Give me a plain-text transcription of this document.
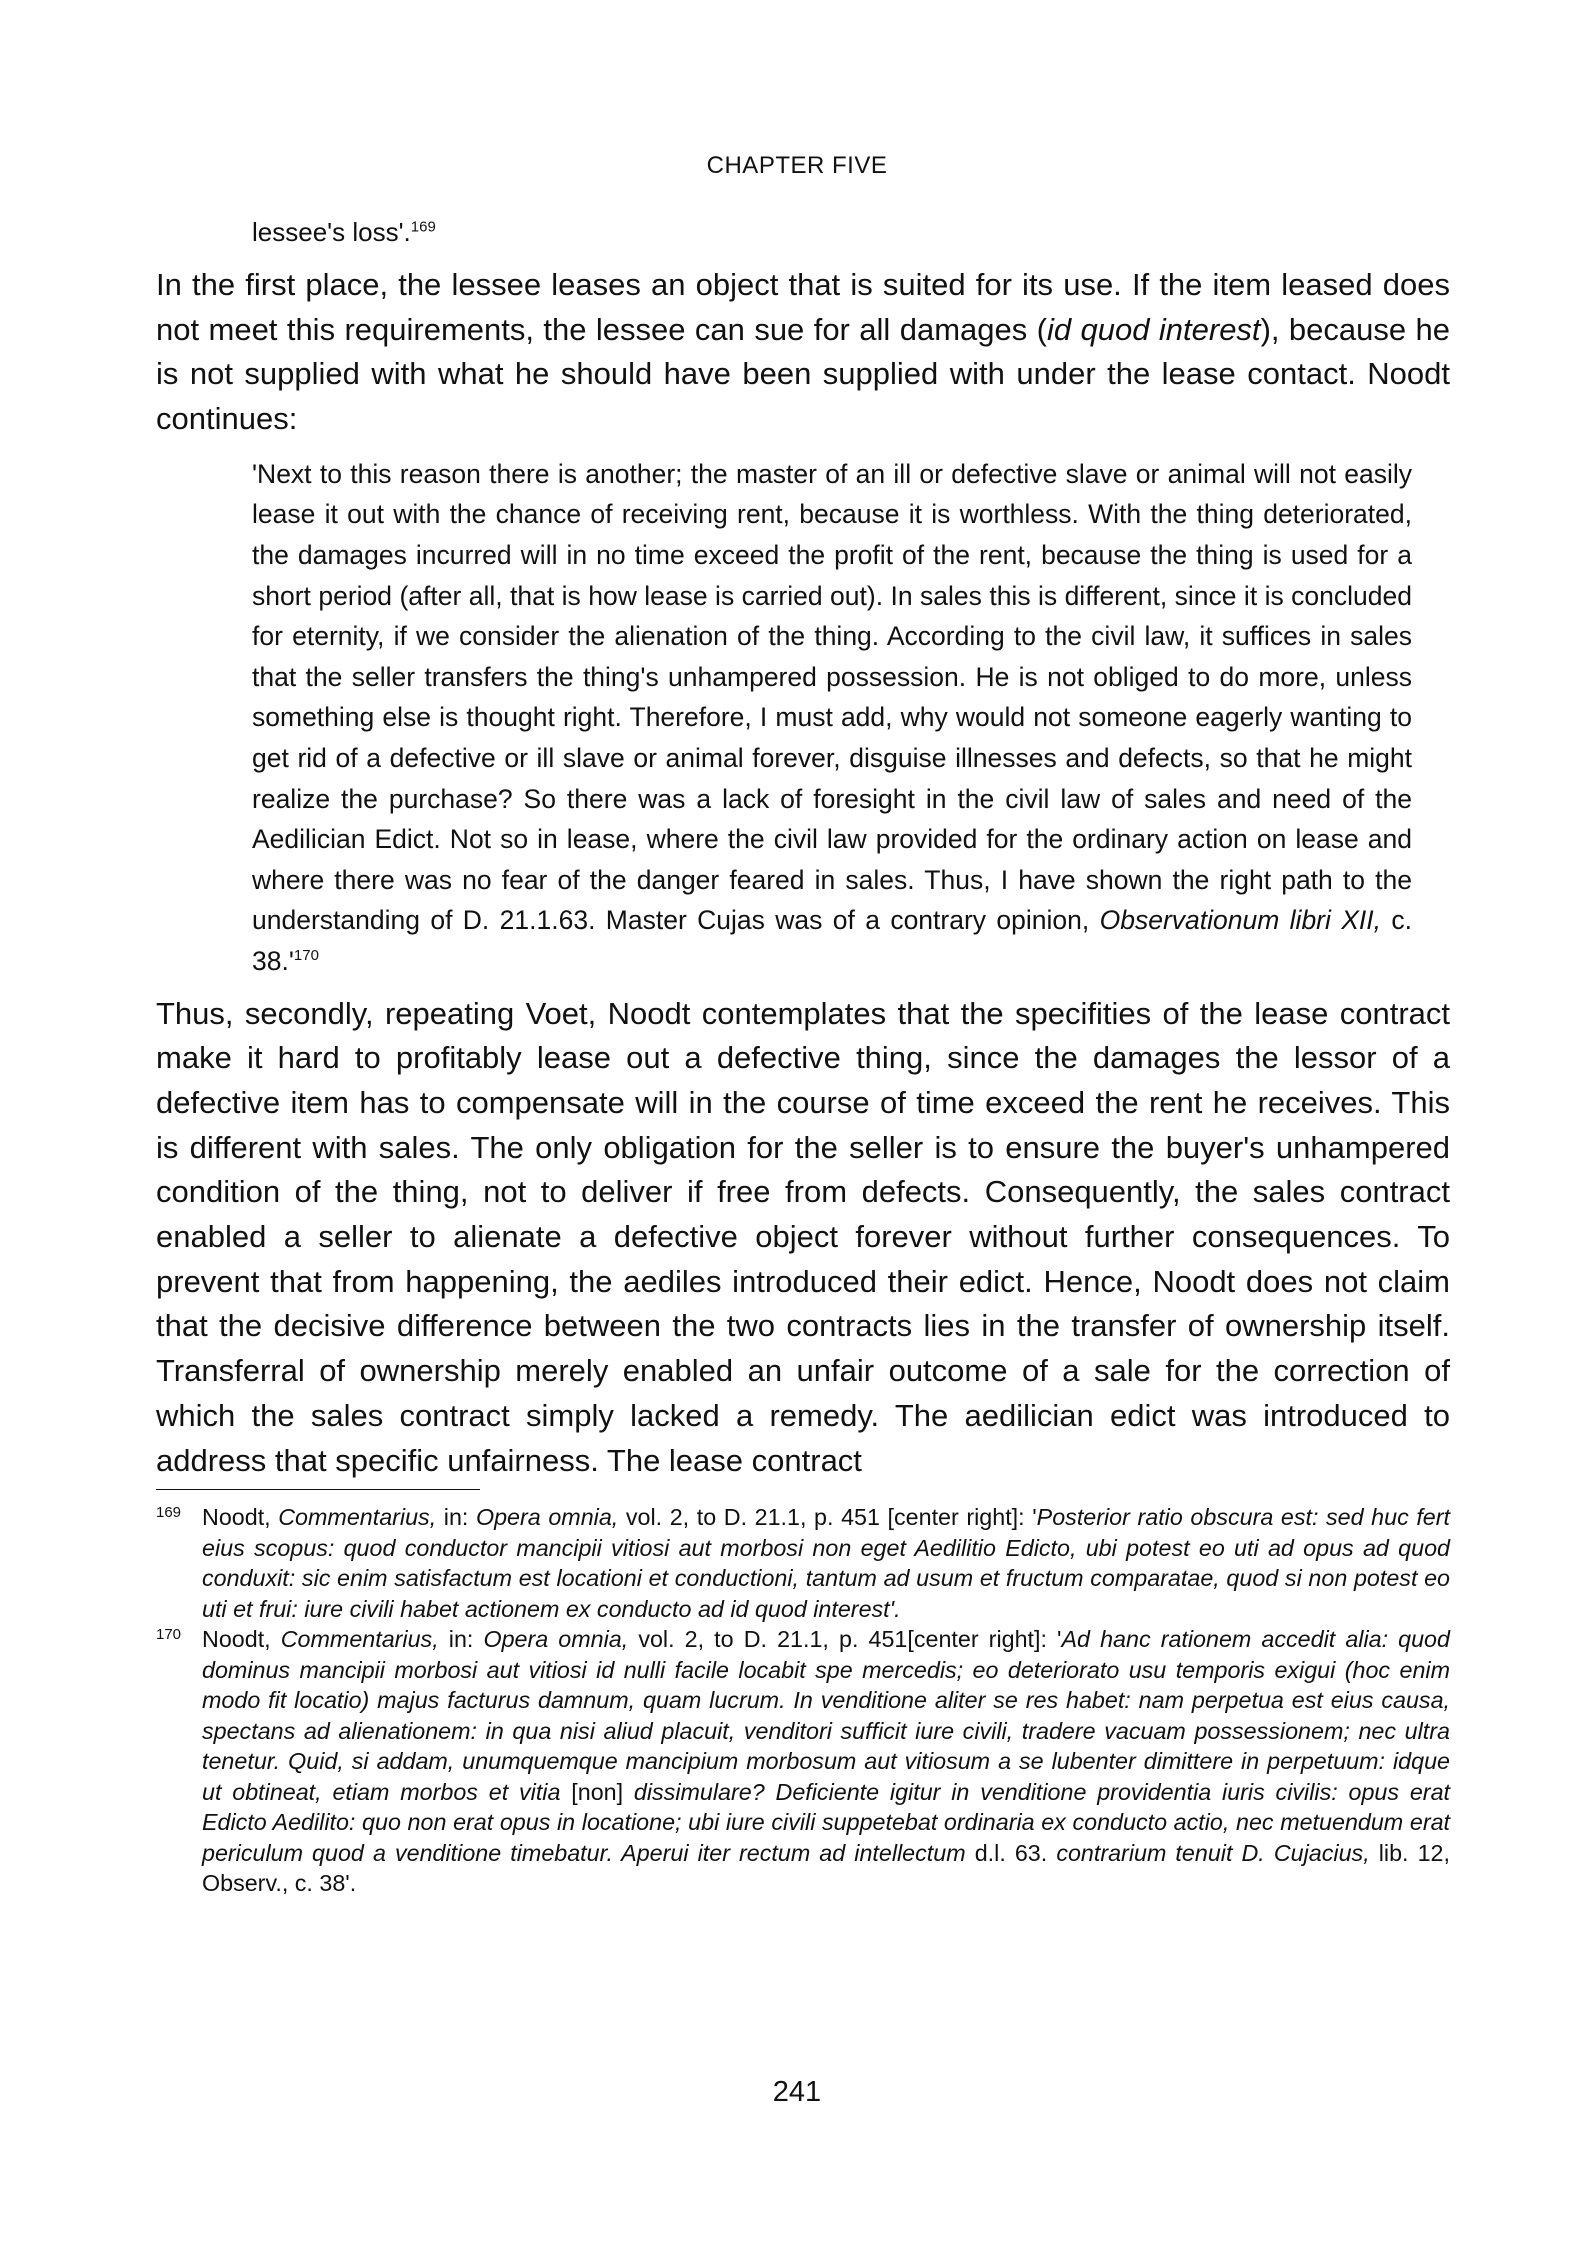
CHAPTER FIVE

lessee's loss'.$^{169}$

In the first place, the lessee leases an object that is suited for its use. If the item leased does not meet this requirements, the lessee can sue for all damages (id quod interest), because he is not supplied with what he should have been supplied with under the lease contact. Noodt continues:

'Next to this reason there is another; the master of an ill or defective slave or animal will not easily lease it out with the chance of receiving rent, because it is worthless. With the thing deteriorated, the damages incurred will in no time exceed the profit of the rent, because the thing is used for a short period (after all, that is how lease is carried out). In sales this is different, since it is concluded for eternity, if we consider the alienation of the thing. According to the civil law, it suffices in sales that the seller transfers the thing's unhampered possession. He is not obliged to do more, unless something else is thought right. Therefore, I must add, why would not someone eagerly wanting to get rid of a defective or ill slave or animal forever, disguise illnesses and defects, so that he might realize the purchase? So there was a lack of foresight in the civil law of sales and need of the Aedilician Edict. Not so in lease, where the civil law provided for the ordinary action on lease and where there was no fear of the danger feared in sales. Thus, I have shown the right path to the understanding of D. 21.1.63. Master Cujas was of a contrary opinion, Observationum libri XII, c. $38.'^{170}$

Thus, secondly, repeating Voet, Noodt contemplates that the specifities of the lease contract make it hard to profitably lease out a defective thing, since the damages the lessor of a defective item has to compensate will in the course of time exceed the rent he receives. This is different with sales. The only obligation for the seller is to ensure the buyer's unhampered condition of the thing, not to deliver if free from defects. Consequently, the sales contract enabled a seller to alienate a defective object forever without further consequences. To prevent that from happening, the aediles introduced their edict. Hence, Noodt does not claim that the decisive difference between the two contracts lies in the transfer of ownership itself. Transferral of ownership merely enabled an unfair outcome of a sale for the correction of which the sales contract simply lacked a remedy. The aedilician edict was introduced to address that specific unfairness. The lease contract

169 Noodt, Commentarius, in: Opera omnia, vol. 2, to D. 21.1, p. 451 [center right]: 'Posterior ratio obscura est: sed huc fert eius scopus: quod conductor mancipii vitiosi aut morbosi non eget Aedilitio Edicto, ubi potest eo uti ad opus ad quod conduxit: sic enim satisfactum est locationi et conductioni, tantum ad usum et fructum comparatae, quod si non potest eo uti et frui: iure civili habet actionem ex conducto ad id quod interest'.

170 Noodt, Commentarius, in: Opera omnia, vol. 2, to D. 21.1, p. 451[center right]: 'Ad hanc rationem accedit alia: quod dominus mancipii morbosi aut vitiosi id nulli facile locabit spe mercedis; eo deteriorato usu temporis exigui (hoc enim modo fit locatio) majus facturus damnum, quam lucrum. In venditione aliter se res habet: nam perpetua est eius causa, spectans ad alienationem: in qua nisi aliud placuit, venditori sufficit iure civili, tradere vacuam possessionem; nec ultra tenetur. Quid, si addam, unumquemque mancipium morbosum aut vitiosum a se lubenter dimittere in perpetuum: idque ut obtineat, etiam morbos et vitia [non] dissimulare? Deficiente igitur in venditione providentia iuris civilis: opus erat Edicto Aedilito: quo non erat opus in locatione; ubi iure civili suppetebat ordinaria ex conducto actio, nec metuendum erat periculum quod a venditione timebatur. Aperui iter rectum ad intellectum d.l. 63. contrarium tenuit D. Cujacius, lib. 12, Observ., c. 38'.

241
